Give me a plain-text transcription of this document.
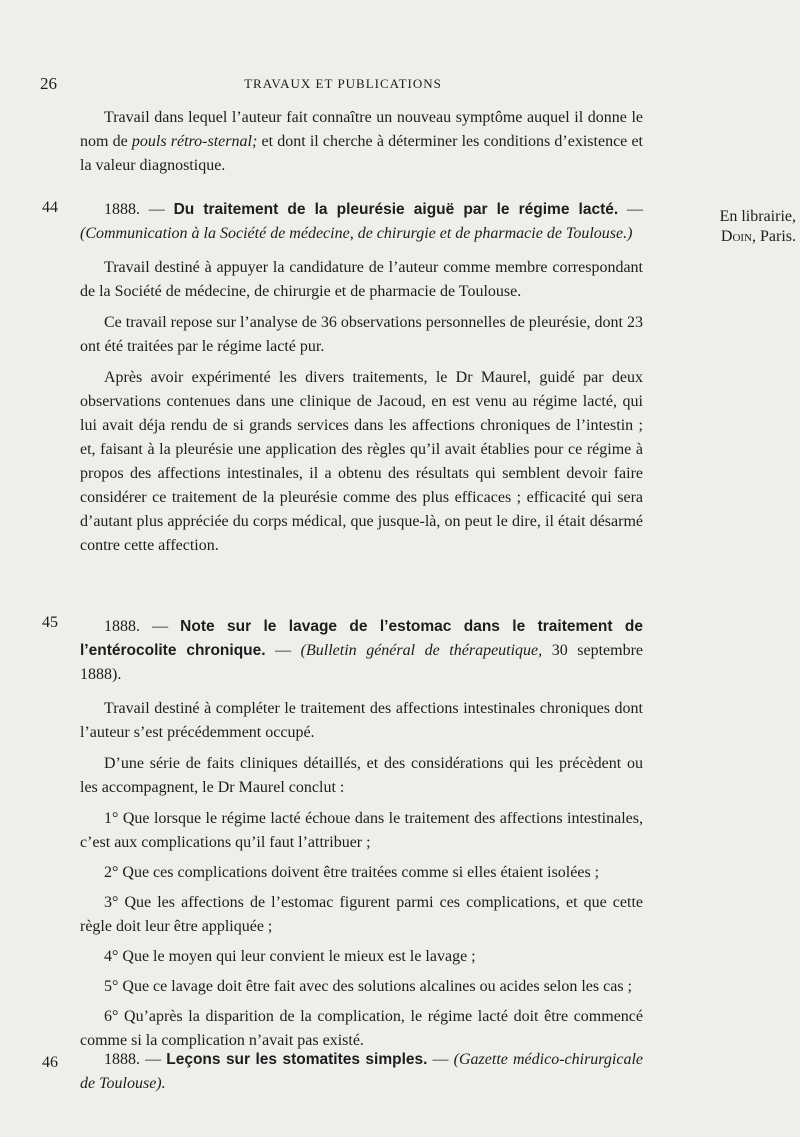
26	TRAVAUX ET PUBLICATIONS

Travail dans lequel l’auteur fait connaître un nouveau symptôme auquel il donne le nom de pouls rétro-sternal; et dont il cherche à déterminer les conditions d’existence et la valeur diagnostique.

44	1888. — Du traitement de la pleurésie aiguë par le régime lacté. — (Communication à la Société de médecine, de chirurgie et de pharmacie de Toulouse.)

Travail destiné à appuyer la candidature de l’auteur comme membre correspondant de la Société de médecine, de chirurgie et de pharmacie de Toulouse.

Ce travail repose sur l’analyse de 36 observations personnelles de pleurésie, dont 23 ont été traitées par le régime lacté pur.

Après avoir expérimenté les divers traitements, le Dr Maurel, guidé par deux observations contenues dans une clinique de Jacoud, en est venu au régime lacté, qui lui avait déja rendu de si grands services dans les affections chroniques de l’intestin ; et, faisant à la pleurésie une application des règles qu’il avait établies pour ce régime à propos des affections intestinales, il a obtenu des résultats qui semblent devoir faire considérer ce traitement de la pleurésie comme des plus efficaces ; efficacité qui sera d’autant plus appréciée du corps médical, que jusque-là, on peut le dire, il était désarmé contre cette affection.

En librairie,
Doin, Paris.
45	1888. — Note sur le lavage de l’estomac dans le traitement de l’entérocolite chronique. — (Bulletin général de thérapeutique, 30 septembre 1888).

Travail destiné à compléter le traitement des affections intestinales chroniques dont l’auteur s’est précédemment occupé.

D’une série de faits cliniques détaillés, et des considérations qui les précèdent ou les accompagnent, le Dr Maurel conclut :

1° Que lorsque le régime lacté échoue dans le traitement des affections intestinales, c’est aux complications qu’il faut l’attribuer ;

2° Que ces complications doivent être traitées comme si elles étaient isolées ;

3° Que les affections de l’estomac figurent parmi ces complications, et que cette règle doit leur être appliquée ;

4° Que le moyen qui leur convient le mieux est le lavage ;

5° Que ce lavage doit être fait avec des solutions alcalines ou acides selon les cas ;

6° Qu’après la disparition de la complication, le régime lacté doit être commencé comme si la complication n’avait pas existé.

46	1888. — Leçons sur les stomatites simples. — (Gazette médico-chirurgicale de Toulouse).
